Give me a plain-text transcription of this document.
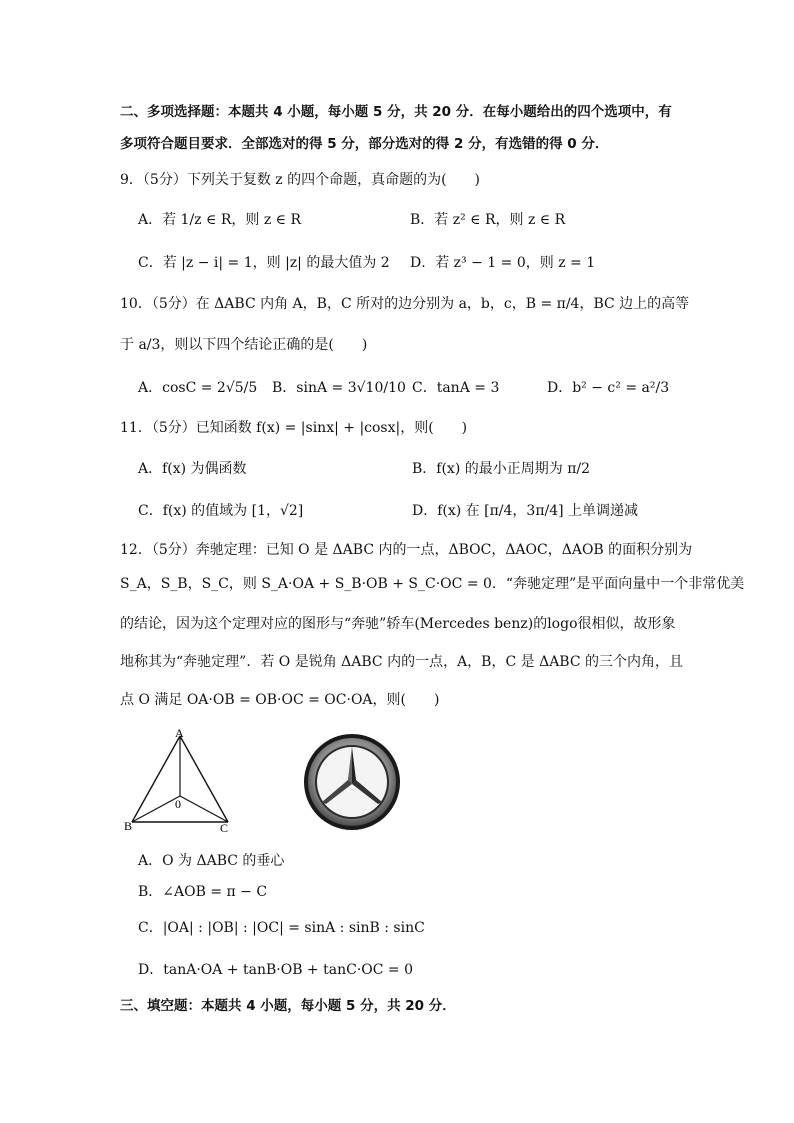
二、多项选择题：本题共 4 小题，每小题 5 分，共 20 分．在每小题给出的四个选项中，有
多项符合题目要求．全部选对的得 5 分，部分选对的得 2 分，有选错的得 0 分．
9．（5分）下列关于复数 z 的四个命题，真命题的为(　　)
A．若 1/z ∈ R，则 z ∈ R	B．若 z² ∈ R，则 z ∈ R
C．若 |z − i| = 1，则 |z| 的最大值为 2 D．若 z³ − 1 = 0，则 z = 1
10．（5分）在 ΔABC 内角 A，B，C 所对的边分别为 a，b，c，B = π/4，BC 边上的高等
于 a/3，则以下四个结论正确的是(　　)
A．cosC = 2√5/5 B．sinA = 3√10/10 C．tanA = 3	D．b² − c² = a²/3
11．（5分）已知函数 f(x) = |sinx| + |cosx|，则(　　)
A．f(x) 为偶函数	B．f(x) 的最小正周期为 π/2
C．f(x) 的值域为 [1，√2]	D．f(x) 在 [π/4，3π/4] 上单调递减
12．（5分）奔驰定理：已知 O 是 ΔABC 内的一点，ΔBOC，ΔAOC，ΔAOB 的面积分别为
S_A，S_B，S_C，则 S_A·OA + S_B·OB + S_C·OC = 0．“奔驰定理”是平面向量中一个非常优美
的结论，因为这个定理对应的图形与“奔驰”轿车(Mercedes benz)的logo很相似，故形象
地称其为“奔驰定理”．若 O 是锐角 ΔABC 内的一点，A，B，C 是 ΔABC 的三个内角，且
点 O 满足 OA·OB = OB·OC = OC·OA，则(　　)
A
B	C
0
A．O 为 ΔABC 的垂心
B．∠AOB = π − C
C．|OA| : |OB| : |OC| = sinA : sinB : sinC
D．tanA·OA + tanB·OB + tanC·OC = 0
三、填空题：本题共 4 小题，每小题 5 分，共 20 分．
